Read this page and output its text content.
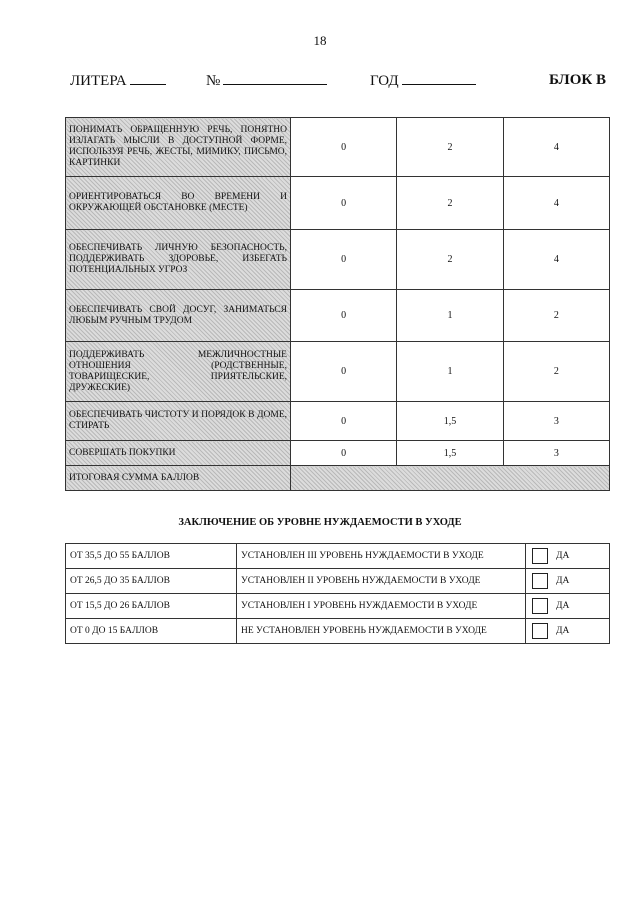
18
ЛИТЕРА	№	ГОД	БЛОК В
ПОНИМАТЬ ОБРАЩЕННУЮ РЕЧЬ, ПОНЯТНО ИЗЛАГАТЬ МЫСЛИ В ДОСТУПНОЙ ФОРМЕ, ИСПОЛЬЗУЯ РЕЧЬ, ЖЕСТЫ, МИМИКУ, ПИСЬМО, КАРТИНКИ	0	2	4

ОРИЕНТИРОВАТЬСЯ ВО ВРЕМЕНИ И ОКРУЖАЮЩЕЙ ОБСТАНОВКЕ (МЕСТЕ)	0	2	4

ОБЕСПЕЧИВАТЬ ЛИЧНУЮ БЕЗОПАСНОСТЬ, ПОДДЕРЖИВАТЬ ЗДОРОВЬЕ, ИЗБЕГАТЬ ПОТЕНЦИАЛЬНЫХ УГРОЗ	0	2	4

ОБЕСПЕЧИВАТЬ СВОЙ ДОСУГ, ЗАНИМАТЬСЯ ЛЮБЫМ РУЧНЫМ ТРУДОМ	0	1	2

ПОДДЕРЖИВАТЬ МЕЖЛИЧНОСТНЫЕ ОТНОШЕНИЯ (РОДСТВЕННЫЕ, ТОВАРИЩЕСКИЕ, ПРИЯТЕЛЬСКИЕ, ДРУЖЕСКИЕ)	0	1	2

ОБЕСПЕЧИВАТЬ ЧИСТОТУ И ПОРЯДОК В ДОМЕ, СТИРАТЬ	0	1,5	3

СОВЕРШАТЬ ПОКУПКИ	0	1,5	3

ИТОГОВАЯ СУММА БАЛЛОВ			

ЗАКЛЮЧЕНИЕ ОБ УРОВНЕ НУЖДАЕМОСТИ В УХОДЕ
ОТ 35,5 ДО 55 БАЛЛОВ	УСТАНОВЛЕН III УРОВЕНЬ НУЖДАЕМОСТИ В УХОДЕ	ДА
ОТ 26,5 ДО 35 БАЛЛОВ	УСТАНОВЛЕН II УРОВЕНЬ НУЖДАЕМОСТИ В УХОДЕ	ДА
ОТ 15,5 ДО 26 БАЛЛОВ	УСТАНОВЛЕН I УРОВЕНЬ НУЖДАЕМОСТИ В УХОДЕ	ДА
ОТ 0 ДО 15 БАЛЛОВ	НЕ УСТАНОВЛЕН УРОВЕНЬ НУЖДАЕМОСТИ В УХОДЕ	ДА
